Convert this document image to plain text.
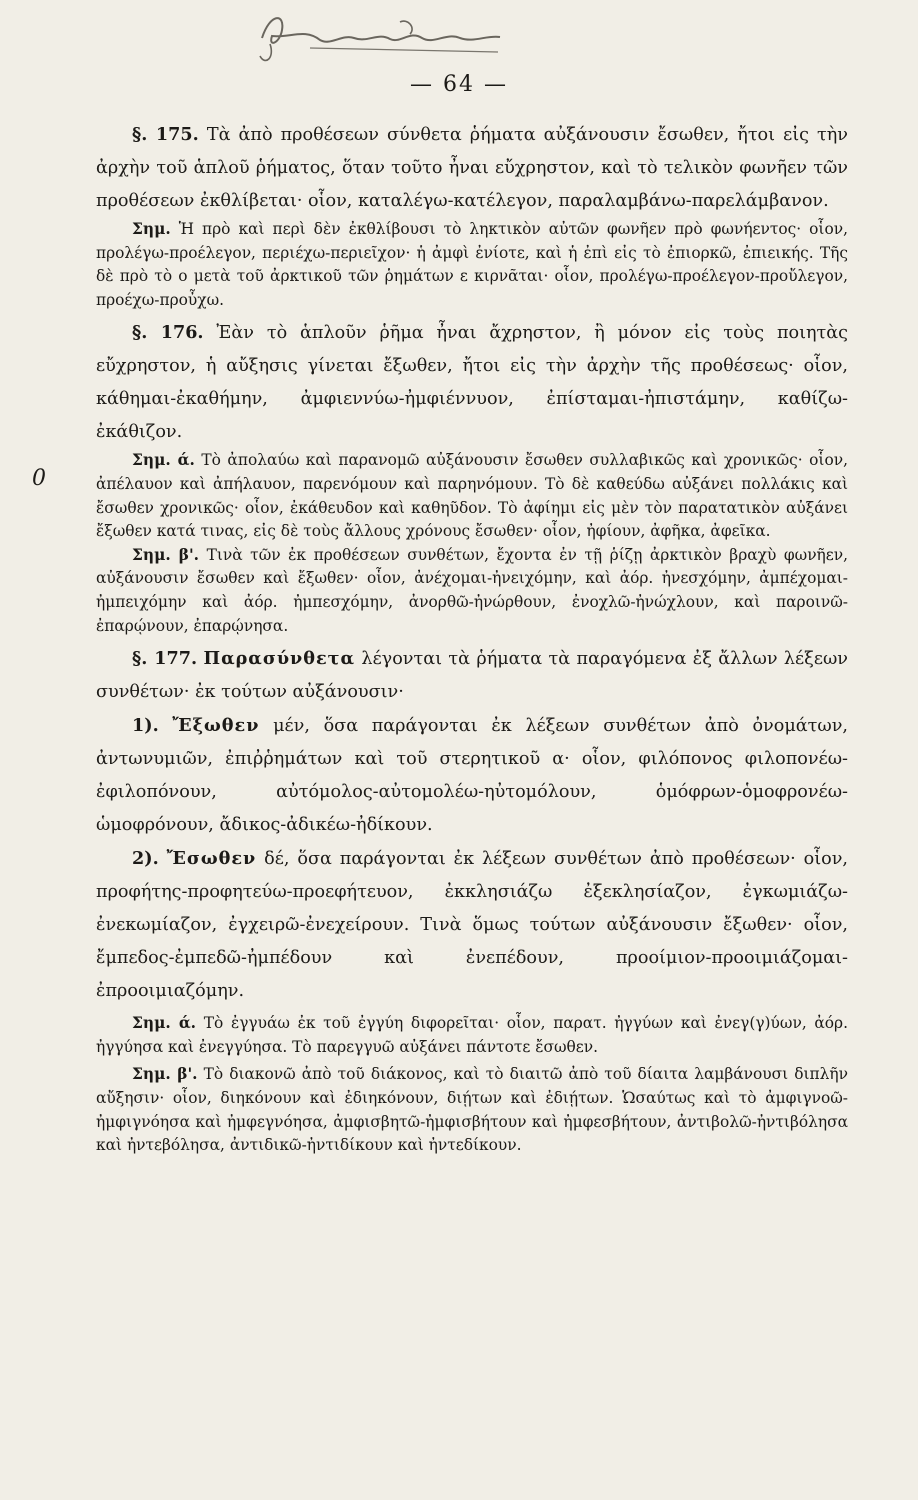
— 64 —
0

§. 175. Τὰ ἀπὸ προθέσεων σύνθετα ῥήματα αὐξάνουσιν ἔσωθεν, ἤτοι εἰς τὴν ἀρχὴν τοῦ ἁπλοῦ ῥήματος, ὅταν τοῦτο ἦναι εὔχρηστον, καὶ τὸ τελικὸν φωνῆεν τῶν προθέσεων ἐκθλίβεται· οἷον, καταλέγω-κατέλεγον, παραλαμβάνω-παρελάμβανον.

Σημ. Ἡ πρὸ καὶ περὶ δὲν ἐκθλίβουσι τὸ ληκτικὸν αὐτῶν φωνῆεν πρὸ φωνήεντος· οἷον, προλέγω-προέλεγον, περιέχω-περιεῖχον· ἡ ἀμφὶ ἐνίοτε, καὶ ἡ ἐπὶ εἰς τὸ ἐπιορκῶ, ἐπιεικής. Τῆς δὲ πρὸ τὸ ο μετὰ τοῦ ἀρκτικοῦ τῶν ῥημάτων ε κιρνᾶται· οἷον, προλέγω-προέλεγον-προὔλεγον, προέχω-προὖχω.

§. 176. Ἐὰν τὸ ἁπλοῦν ῥῆμα ἦναι ἄχρηστον, ἢ μόνον εἰς τοὺς ποιητὰς εὔχρηστον, ἡ αὔξησις γίνεται ἔξωθεν, ἤτοι εἰς τὴν ἀρχὴν τῆς προθέσεως· οἷον, κάθημαι-ἐκαθήμην, ἀμφιεννύω-ἠμφιέννυον, ἐπίσταμαι-ἠπιστάμην, καθίζω-ἐκάθιζον.

Σημ. ά. Τὸ ἀπολαύω καὶ παρανομῶ αὐξάνουσιν ἔσωθεν συλλαβικῶς καὶ χρονικῶς· οἷον, ἀπέλαυον καὶ ἀπήλαυον, παρενόμουν καὶ παρηνόμουν. Τὸ δὲ καθεύδω αὐξάνει πολλάκις καὶ ἔσωθεν χρονικῶς· οἷον, ἐκάθευδον καὶ καθηῦδον. Τὸ ἀφίημι εἰς μὲν τὸν παρατατικὸν αὐξάνει ἔξωθεν κατά τινας, εἰς δὲ τοὺς ἄλλους χρόνους ἔσωθεν· οἷον, ἠφίουν, ἀφῆκα, ἀφεῖκα.

Σημ. β'. Τινὰ τῶν ἐκ προθέσεων συνθέτων, ἔχοντα ἐν τῇ ῥίζῃ ἀρκτικὸν βραχὺ φωνῆεν, αὐξάνουσιν ἔσωθεν καὶ ἔξωθεν· οἷον, ἀνέχομαι-ἠνειχόμην, καὶ ἀόρ. ἠνεσχόμην, ἀμπέχομαι-ἠμπειχόμην καὶ ἀόρ. ἠμπεσχόμην, ἀνορθῶ-ἠνώρθουν, ἐνοχλῶ-ἠνώχλουν, καὶ παροινῶ-ἐπαρῴνουν, ἐπαρῴνησα.

§. 177. Παρασύνθετα λέγονται τὰ ῥήματα τὰ παραγόμενα ἐξ ἄλλων λέξεων συνθέτων· ἐκ τούτων αὐξάνουσιν·

1). Ἔξωθεν μέν, ὅσα παράγονται ἐκ λέξεων συνθέτων ἀπὸ ὀνομάτων, ἀντωνυμιῶν, ἐπιῤῥημάτων καὶ τοῦ στερητικοῦ α· οἷον, φιλόπονος φιλοπονέω-ἐφιλοπόνουν, αὐτόμολος-αὐτομολέω-ηὐτομόλουν, ὁμόφρων-ὁμοφρονέω-ὡμοφρόνουν, ἄδικος-ἀδικέω-ἠδίκουν.

2). Ἔσωθεν δέ, ὅσα παράγονται ἐκ λέξεων συνθέτων ἀπὸ προθέσεων· οἷον, προφήτης-προφητεύω-προεφήτευον, ἐκκλησιάζω ἐξεκλησίαζον, ἐγκωμιάζω-ἐνεκωμίαζον, ἐγχειρῶ-ἐνεχείρουν. Τινὰ ὅμως τούτων αὐξάνουσιν ἔξωθεν· οἷον, ἔμπεδος-ἐμπεδῶ-ἠμπέδουν καὶ ἐνεπέδουν, προοίμιον-προοιμιάζομαι-ἐπροοιμιαζόμην.

Σημ. ά. Τὸ ἐγγυάω ἐκ τοῦ ἐγγύη διφορεῖται· οἷον, παρατ. ἠγγύων καὶ ἐνεγ(γ)ύων, ἀόρ. ἠγγύησα καὶ ἐνεγγύησα. Τὸ παρεγγυῶ αὐξάνει πάντοτε ἔσωθεν.

Σημ. β'. Τὸ διακονῶ ἀπὸ τοῦ διάκονος, καὶ τὸ διαιτῶ ἀπὸ τοῦ δίαιτα λαμβάνουσι διπλῆν αὔξησιν· οἷον, διηκόνουν καὶ ἐδιηκόνουν, διῄτων καὶ ἐδιῄτων. Ὡσαύτως καὶ τὸ ἀμφιγνοῶ-ἠμφιγνόησα καὶ ἠμφεγνόησα, ἀμφισβητῶ-ἠμφισβήτουν καὶ ἠμφεσβήτουν, ἀντιβολῶ-ἠντιβόλησα καὶ ἠντεβόλησα, ἀντιδικῶ-ἠντιδίκουν καὶ ἠντεδίκουν.
